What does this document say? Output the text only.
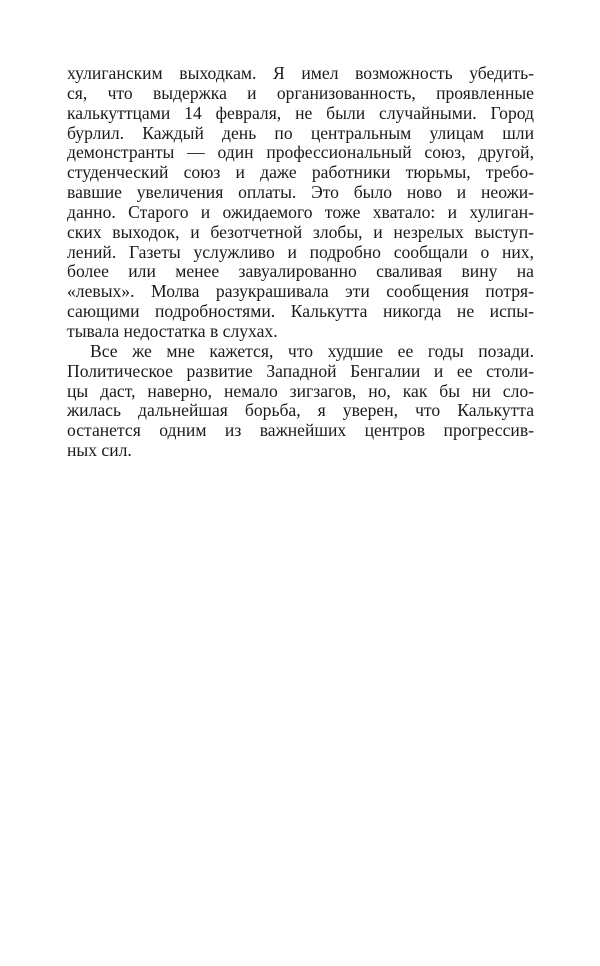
хулиганским выходкам. Я имел возможность убедить-
ся, что выдержка и организованность, проявленные
калькуттцами 14 февраля, не были случайными. Город
бурлил. Каждый день по центральным улицам шли
демонстранты — один профессиональный союз, другой,
студенческий союз и даже работники тюрьмы, требо-
вавшие увеличения оплаты. Это было ново и неожи-
данно. Старого и ожидаемого тоже хватало: и хулиган-
ских выходок, и безотчетной злобы, и незрелых выступ-
лений. Газеты услужливо и подробно сообщали о них,
более или менее завуалированно сваливая вину на
«левых». Молва разукрашивала эти сообщения потря-
сающими подробностями. Калькутта никогда не испы-
тывала недостатка в слухах.
Все же мне кажется, что худшие ее годы позади.
Политическое развитие Западной Бенгалии и ее столи-
цы даст, наверно, немало зигзагов, но, как бы ни сло-
жилась дальнейшая борьба, я уверен, что Калькутта
останется одним из важнейших центров прогрессив-
ных сил.
